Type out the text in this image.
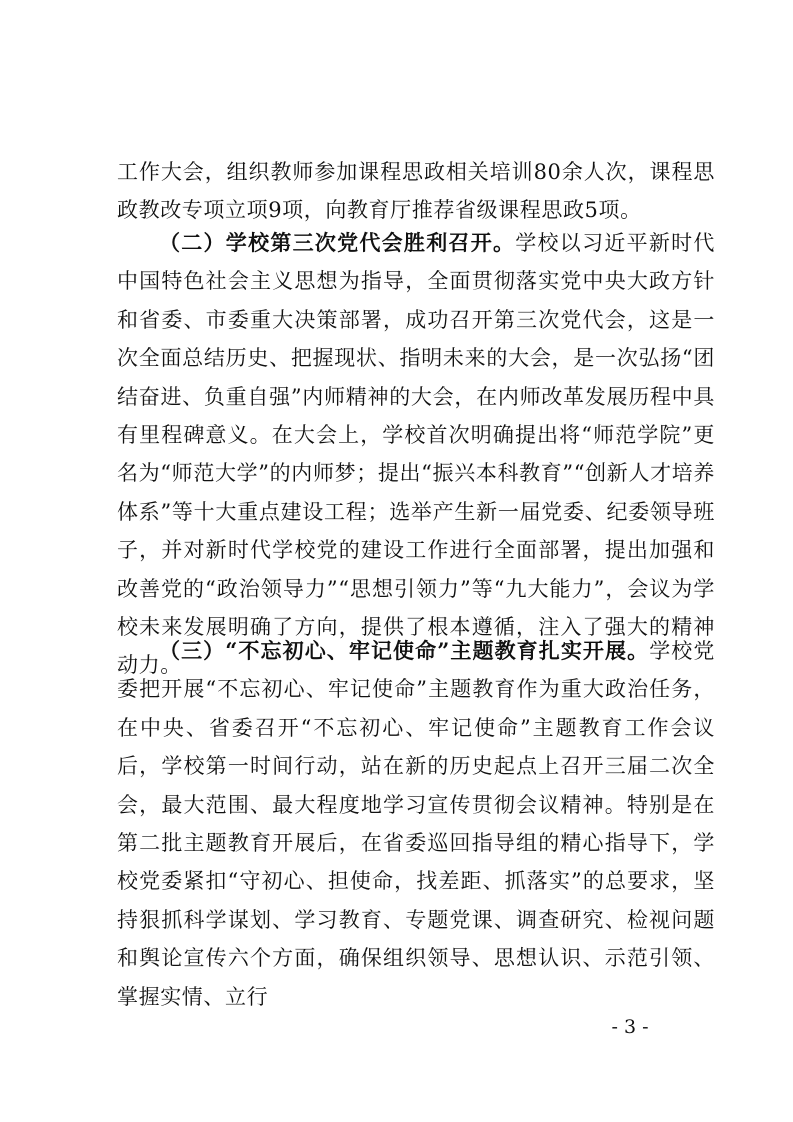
工作大会，组织教师参加课程思政相关培训80余人次，课程思政教改专项立项9项，向教育厅推荐省级课程思政5项。

（二）学校第三次党代会胜利召开。学校以习近平新时代中国特色社会主义思想为指导，全面贯彻落实党中央大政方针和省委、市委重大决策部署，成功召开第三次党代会，这是一次全面总结历史、把握现状、指明未来的大会，是一次弘扬“团结奋进、负重自强”内师精神的大会，在内师改革发展历程中具有里程碑意义。在大会上，学校首次明确提出将“师范学院”更名为“师范大学”的内师梦；提出“振兴本科教育”“创新人才培养体系”等十大重点建设工程；选举产生新一届党委、纪委领导班子，并对新时代学校党的建设工作进行全面部署，提出加强和改善党的“政治领导力”“思想引领力”等“九大能力”，会议为学校未来发展明确了方向，提供了根本遵循，注入了强大的精神动力。

（三）“不忘初心、牢记使命”主题教育扎实开展。学校党委把开展“不忘初心、牢记使命”主题教育作为重大政治任务，在中央、省委召开“不忘初心、牢记使命”主题教育工作会议后，学校第一时间行动，站在新的历史起点上召开三届二次全会，最大范围、最大程度地学习宣传贯彻会议精神。特别是在第二批主题教育开展后，在省委巡回指导组的精心指导下，学校党委紧扣“守初心、担使命，找差距、抓落实”的总要求，坚持狠抓科学谋划、学习教育、专题党课、调查研究、检视问题和舆论宣传六个方面，确保组织领导、思想认识、示范引领、掌握实情、立行

- 3 -
